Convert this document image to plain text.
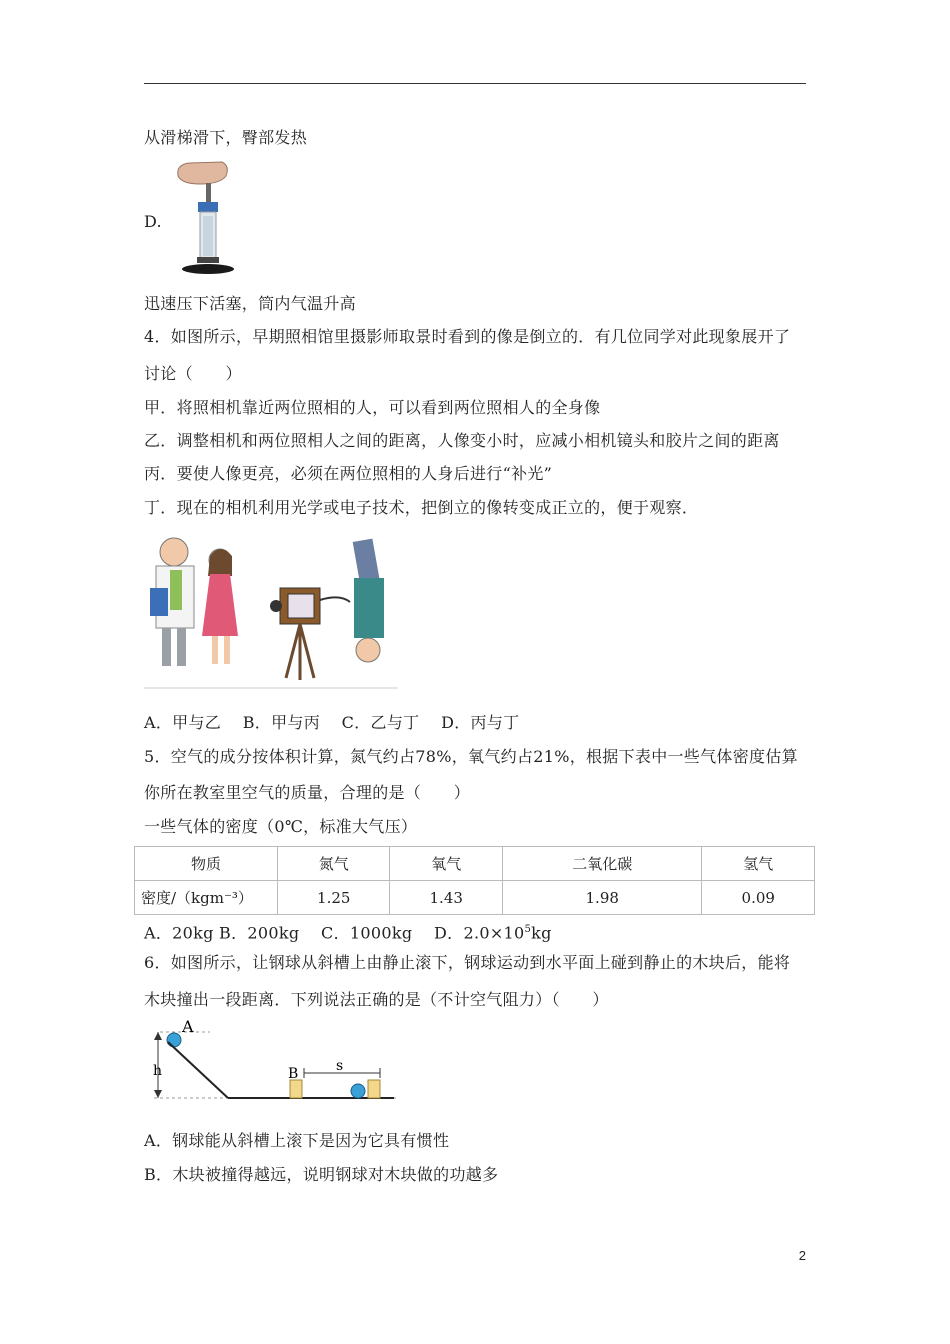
从滑梯滑下，臀部发热
D.
迅速压下活塞，筒内气温升高
4．如图所示，早期照相馆里摄影师取景时看到的像是倒立的．有几位同学对此现象展开了
讨论（　　）
甲．将照相机靠近两位照相的人，可以看到两位照相人的全身像
乙．调整相机和两位照相人之间的距离，人像变小时，应减小相机镜头和胶片之间的距离
丙．要使人像更亮，必须在两位照相的人身后进行“补光”
丁．现在的相机利用光学或电子技术，把倒立的像转变成正立的，便于观察．
A．甲与乙　 B．甲与丙　 C．乙与丁　 D．丙与丁
5．空气的成分按体积计算，氮气约占78%，氧气约占21%，根据下表中一些气体密度估算
你所在教室里空气的质量，合理的是（　　）
一些气体的密度（0℃，标准大气压）
物质	氮气	氧气	二氧化碳	氢气
密度/（kgm⁻³）	1.25	1.43	1.98	0.09
A．20kg B．200kg　 C．1000kg　 D．$2.0\times 10^5kg$
6．如图所示，让钢球从斜槽上由静止滚下，钢球运动到水平面上碰到静止的木块后，能将
木块撞出一段距离．下列说法正确的是（不计空气阻力）（　　）
h
A
B	s
A．钢球能从斜槽上滚下是因为它具有惯性
B．木块被撞得越远，说明钢球对木块做的功越多
2
